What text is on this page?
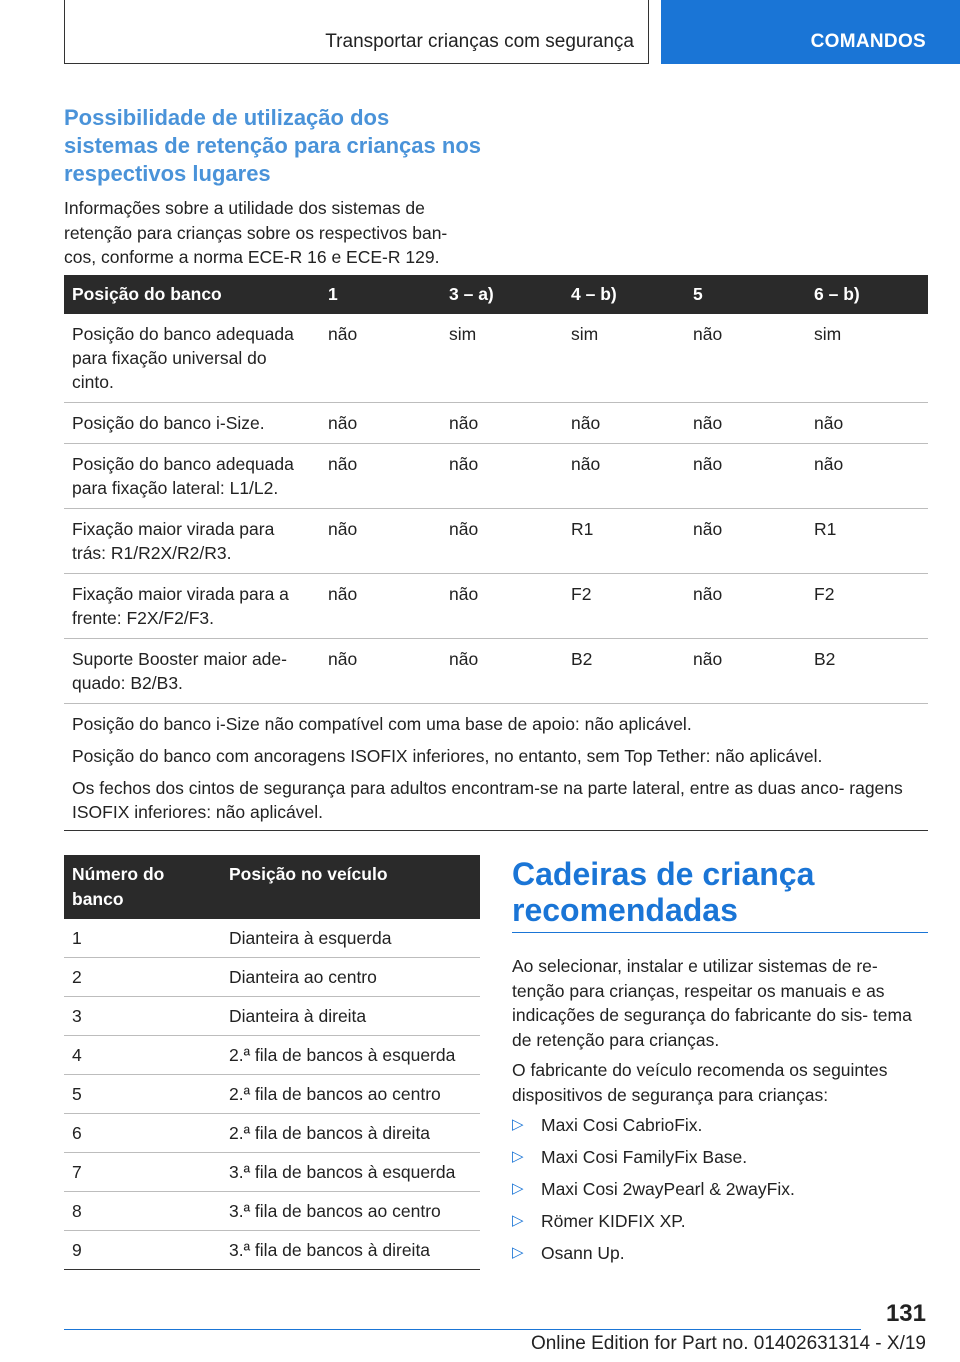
Transportar crianças com segurança	COMANDOS
Possibilidade de utilização dos sistemas de retenção para crianças nos respectivos lugares
Informações sobre a utilidade dos sistemas de retenção para crianças sobre os respectivos ban- cos, conforme a norma ECE-R 16 e ECE-R 129.
Posição do banco	1	3 – a)	4 – b)	5	6 – b)
Posição do banco adequada para fixação universal do cinto.	não	sim	sim	não	sim
Posição do banco i-Size.	não	não	não	não	não
Posição do banco adequada para fixação lateral: L1/L2.	não	não	não	não	não
Fixação maior virada para trás: R1/R2X/R2/R3.	não	não	R1	não	R1
Fixação maior virada para a frente: F2X/F2/F3.	não	não	F2	não	F2
Suporte Booster maior ade- quado: B2/B3.	não	não	B2	não	B2

Posição do banco i-Size não compatível com uma base de apoio: não aplicável.

Posição do banco com ancoragens ISOFIX inferiores, no entanto, sem Top Tether: não aplicável.

Os fechos dos cintos de segurança para adultos encontram-se na parte lateral, entre as duas anco- ragens ISOFIX inferiores: não aplicável.					

Número do banco	Posição no veículo
1	Dianteira à esquerda
2	Dianteira ao centro
3	Dianteira à direita
4	2.ª fila de bancos à esquerda
5	2.ª fila de bancos ao centro
6	2.ª fila de bancos à direita
7	3.ª fila de bancos à esquerda
8	3.ª fila de bancos ao centro
9	3.ª fila de bancos à direita
Cadeiras de criança recomendadas

Ao selecionar, instalar e utilizar sistemas de re- tenção para crianças, respeitar os manuais e as indicações de segurança do fabricante do sis- tema de retenção para crianças.

O fabricante do veículo recomenda os seguintes dispositivos de segurança para crianças:

▷ Maxi Cosi CabrioFix.
▷ Maxi Cosi FamilyFix Base.
▷ Maxi Cosi 2wayPearl & 2wayFix.
▷ Römer KIDFIX XP.
▷ Osann Up.
131
Online Edition for Part no. 01402631314 - X/19
